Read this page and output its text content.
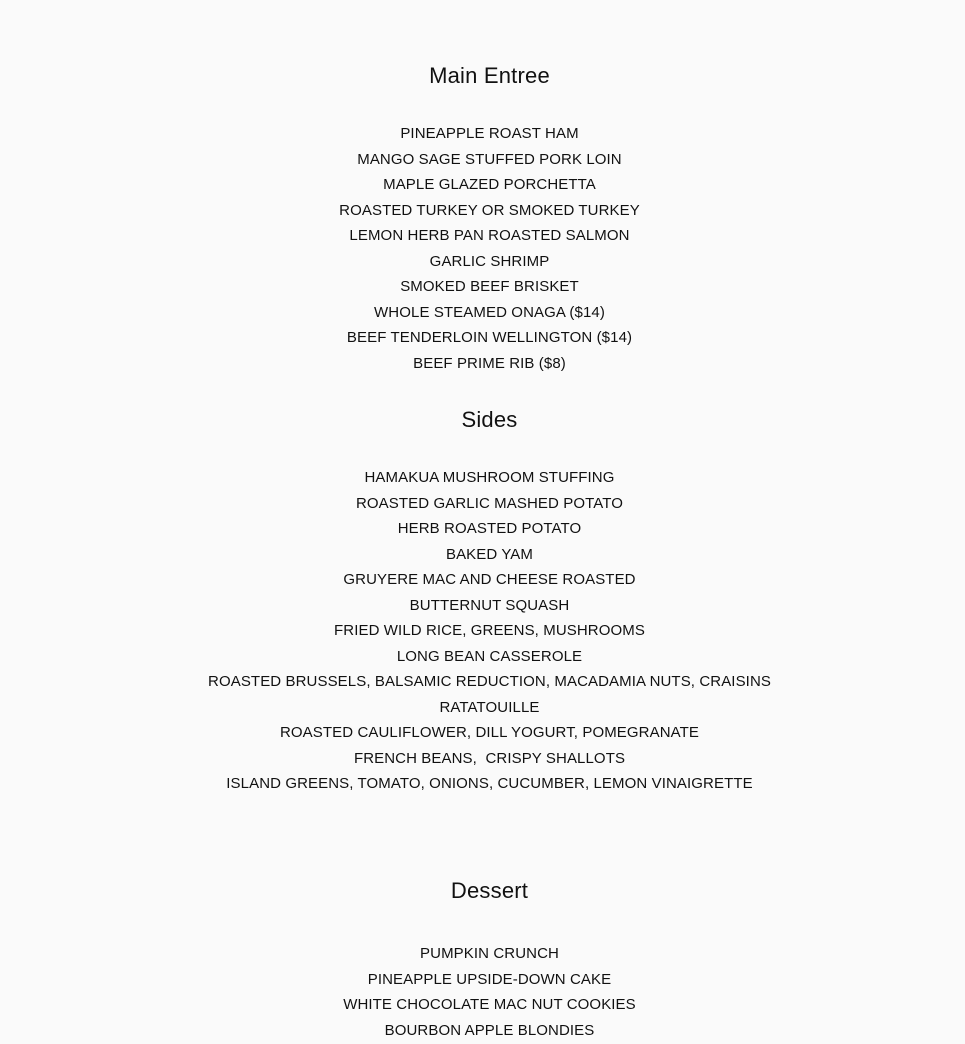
Main Entree
PINEAPPLE ROAST HAM
MANGO SAGE STUFFED PORK LOIN
MAPLE GLAZED PORCHETTA
ROASTED TURKEY OR SMOKED TURKEY
LEMON HERB PAN ROASTED SALMON
GARLIC SHRIMP
SMOKED BEEF BRISKET
WHOLE STEAMED ONAGA ($14)
BEEF TENDERLOIN WELLINGTON ($14)
BEEF PRIME RIB ($8)
Sides
HAMAKUA MUSHROOM STUFFING
ROASTED GARLIC MASHED POTATO
HERB ROASTED POTATO
BAKED YAM
GRUYERE MAC AND CHEESE ROASTED
BUTTERNUT SQUASH
FRIED WILD RICE, GREENS, MUSHROOMS
LONG BEAN CASSEROLE
ROASTED BRUSSELS, BALSAMIC REDUCTION, MACADAMIA NUTS, CRAISINS
RATATOUILLE
ROASTED CAULIFLOWER, DILL YOGURT, POMEGRANATE
FRENCH BEANS,  CRISPY SHALLOTS
ISLAND GREENS, TOMATO, ONIONS, CUCUMBER, LEMON VINAIGRETTE
Dessert
PUMPKIN CRUNCH
PINEAPPLE UPSIDE-DOWN CAKE
WHITE CHOCOLATE MAC NUT COOKIES
BOURBON APPLE BLONDIES
